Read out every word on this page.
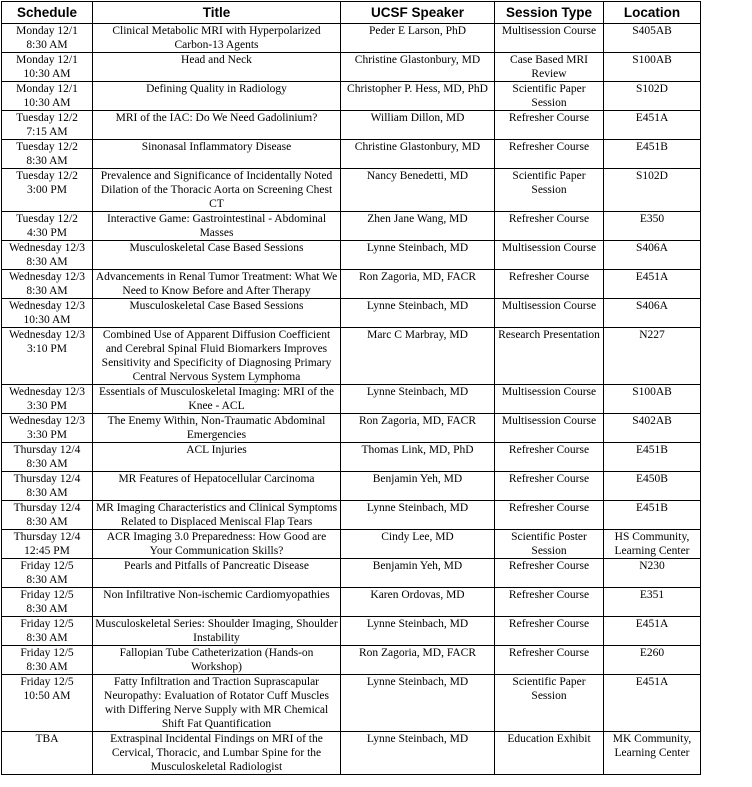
Schedule	Title	UCSF Speaker	Session Type	Location

Monday 12/1
8:30 AM	Clinical Metabolic MRI with Hyperpolarized Carbon-13 Agents	Peder E Larson, PhD	Multisession Course	S405AB

Monday 12/1
10:30 AM	Head and Neck	Christine Glastonbury, MD	Case Based MRI Review	S100AB

Monday 12/1
10:30 AM	Defining Quality in Radiology	Christopher P. Hess, MD, PhD	Scientific Paper Session	S102D

Tuesday 12/2
7:15 AM	MRI of the IAC: Do We Need Gadolinium?	William Dillon, MD	Refresher Course	E451A

Tuesday 12/2
8:30 AM	Sinonasal Inflammatory Disease	Christine Glastonbury, MD	Refresher Course	E451B

Tuesday 12/2
3:00 PM	Prevalence and Significance of Incidentally Noted Dilation of the Thoracic Aorta on Screening Chest CT	Nancy Benedetti, MD	Scientific Paper Session	S102D

Tuesday 12/2
4:30 PM	Interactive Game: Gastrointestinal - Abdominal Masses	Zhen Jane Wang, MD	Refresher Course	E350

Wednesday 12/3
8:30 AM	Musculoskeletal Case Based Sessions	Lynne Steinbach, MD	Multisession Course	S406A

Wednesday 12/3
8:30 AM	Advancements in Renal Tumor Treatment: What We Need to Know Before and After Therapy	Ron Zagoria, MD, FACR	Refresher Course	E451A

Wednesday 12/3
10:30 AM	Musculoskeletal Case Based Sessions	Lynne Steinbach, MD	Multisession Course	S406A

Wednesday 12/3
3:10 PM	Combined Use of Apparent Diffusion Coefficient and Cerebral Spinal Fluid Biomarkers Improves Sensitivity and Specificity of Diagnosing Primary Central Nervous System Lymphoma	Marc C Marbray, MD	Research Presentation	N227

Wednesday 12/3
3:30 PM	Essentials of Musculoskeletal Imaging: MRI of the Knee - ACL	Lynne Steinbach, MD	Multisession Course	S100AB

Wednesday 12/3
3:30 PM	The Enemy Within, Non-Traumatic Abdominal Emergencies	Ron Zagoria, MD, FACR	Multisession Course	S402AB

Thursday 12/4
8:30 AM	ACL Injuries	Thomas Link, MD, PhD	Refresher Course	E451B

Thursday 12/4
8:30 AM	MR Features of Hepatocellular Carcinoma	Benjamin Yeh, MD	Refresher Course	E450B

Thursday 12/4
8:30 AM	MR Imaging Characteristics and Clinical Symptoms Related to Displaced Meniscal Flap Tears	Lynne Steinbach, MD	Refresher Course	E451B

Thursday 12/4
12:45 PM	ACR Imaging 3.0 Preparedness: How Good are Your Communication Skills?	Cindy Lee, MD	Scientific Poster Session	HS Community, Learning Center

Friday 12/5
8:30 AM	Pearls and Pitfalls of Pancreatic Disease	Benjamin Yeh, MD	Refresher Course	N230

Friday 12/5
8:30 AM	Non Infiltrative Non-ischemic Cardiomyopathies	Karen Ordovas, MD	Refresher Course	E351

Friday 12/5
8:30 AM	Musculoskeletal Series: Shoulder Imaging, Shoulder Instability	Lynne Steinbach, MD	Refresher Course	E451A

Friday 12/5
8:30 AM	Fallopian Tube Catheterization (Hands-on Workshop)	Ron Zagoria, MD, FACR	Refresher Course	E260

Friday 12/5
10:50 AM	Fatty Infiltration and Traction Suprascapular Neuropathy: Evaluation of Rotator Cuff Muscles with Differing Nerve Supply with MR Chemical Shift Fat Quantification	Lynne Steinbach, MD	Scientific Paper Session	E451A

TBA	Extraspinal Incidental Findings on MRI of the Cervical, Thoracic, and Lumbar Spine for the Musculoskeletal Radiologist	Lynne Steinbach, MD	Education Exhibit	MK Community, Learning Center
